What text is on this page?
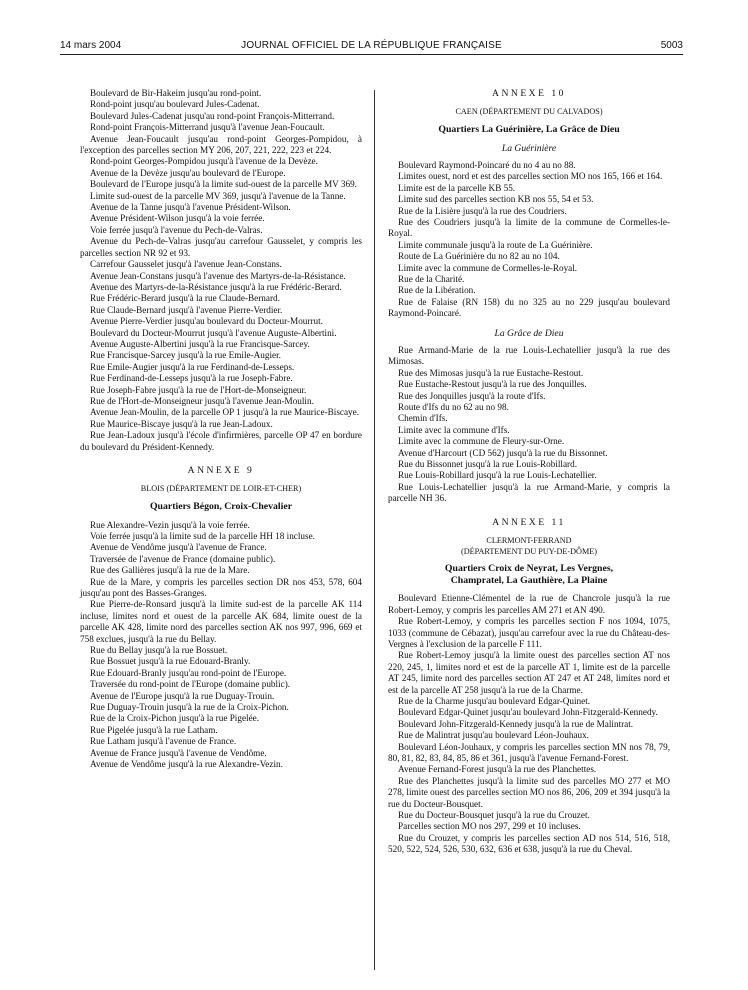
14 mars 2004	JOURNAL OFFICIEL DE LA RÉPUBLIQUE FRANÇAISE	5003

Boulevard de Bir-Hakeim jusqu'au rond-point.

Rond-point jusqu'au boulevard Jules-Cadenat.

Boulevard Jules-Cadenat jusqu'au rond-point François-Mitterrand.

Rond-point François-Mitterrand jusqu'à l'avenue Jean-Foucault.

Avenue Jean-Foucault jusqu'au rond-point Georges-Pompidou, à l'exception des parcelles section MY 206, 207, 221, 222, 223 et 224.

Rond-point Georges-Pompidou jusqu'à l'avenue de la Devèze.

Avenue de la Devèze jusqu'au boulevard de l'Europe.

Boulevard de l'Europe jusqu'à la limite sud-ouest de la parcelle MV 369.

Limite sud-ouest de la parcelle MV 369, jusqu'à l'avenue de la Tanne.

Avenue de la Tanne jusqu'à l'avenue Président-Wilson.

Avenue Président-Wilson jusqu'à la voie ferrée.

Voie ferrée jusqu'à l'avenue du Pech-de-Valras.

Avenue du Pech-de-Valras jusqu'au carrefour Gausselet, y compris les parcelles section NR 92 et 93.

Carrefour Gausselet jusqu'à l'avenue Jean-Constans.

Avenue Jean-Constans jusqu'à l'avenue des Martyrs-de-la-Résistance.

Avenue des Martyrs-de-la-Résistance jusqu'à la rue Frédéric-Berard.

Rue Frédéric-Berard jusqu'à la rue Claude-Bernard.

Rue Claude-Bernard jusqu'à l'avenue Pierre-Verdier.

Avenue Pierre-Verdier jusqu'au boulevard du Docteur-Mourrut.

Boulevard du Docteur-Mourrut jusqu'à l'avenue Auguste-Albertini.

Avenue Auguste-Albertini jusqu'à la rue Francisque-Sarcey.

Rue Francisque-Sarcey jusqu'à la rue Emile-Augier.

Rue Emile-Augier jusqu'à la rue Ferdinand-de-Lesseps.

Rue Ferdinand-de-Lesseps jusqu'à la rue Joseph-Fabre.

Rue Joseph-Fabre jusqu'à la rue de l'Hort-de-Monseigneur.

Rue de l'Hort-de-Monseigneur jusqu'à l'avenue Jean-Moulin.

Avenue Jean-Moulin, de la parcelle OP 1 jusqu'à la rue Maurice-Biscaye.

Rue Maurice-Biscaye jusqu'à la rue Jean-Ladoux.

Rue Jean-Ladoux jusqu'à l'école d'infirmières, parcelle OP 47 en bordure du boulevard du Président-Kennedy.

ANNEXE 9
BLOIS (DÉPARTEMENT DE LOIR-ET-CHER)
Quartiers Bégon, Croix-Chevalier

Rue Alexandre-Vezin jusqu'à la voie ferrée.

Voie ferrée jusqu'à la limite sud de la parcelle HH 18 incluse.

Avenue de Vendôme jusqu'à l'avenue de France.

Traversée de l'avenue de France (domaine public).

Rue des Gallières jusqu'à la rue de la Mare.

Rue de la Mare, y compris les parcelles section DR nos 453, 578, 604 jusqu'au pont des Basses-Granges.

Rue Pierre-de-Ronsard jusqu'à la limite sud-est de la parcelle AK 114 incluse, limites nord et ouest de la parcelle AK 684, limite ouest de la parcelle AK 428, limite nord des parcelles section AK nos 997, 996, 669 et 758 exclues, jusqu'à la rue du Bellay.

Rue du Bellay jusqu'à la rue Bossuet.

Rue Bossuet jusqu'à la rue Edouard-Branly.

Rue Edouard-Branly jusqu'au rond-point de l'Europe.

Traversée du rond-point de l'Europe (domaine public).

Avenue de l'Europe jusqu'à la rue Duguay-Trouin.

Rue Duguay-Trouin jusqu'à la rue de la Croix-Pichon.

Rue de la Croix-Pichon jusqu'à la rue Pigelée.

Rue Pigelée jusqu'à la rue Latham.

Rue Latham jusqu'à l'avenue de France.

Avenue de France jusqu'à l'avenue de Vendôme.

Avenue de Vendôme jusqu'à la rue Alexandre-Vezin.

ANNEXE 10
CAEN (DÉPARTEMENT DU CALVADOS)
Quartiers La Guérinière, La Grâce de Dieu
La Guérinière

Boulevard Raymond-Poincaré du no 4 au no 88.

Limites ouest, nord et est des parcelles section MO nos 165, 166 et 164.

Limite est de la parcelle KB 55.

Limite sud des parcelles section KB nos 55, 54 et 53.

Rue de la Lisière jusqu'à la rue des Coudriers.

Rue des Coudriers jusqu'à la limite de la commune de Cormelles-le-Royal.

Limite communale jusqu'à la route de La Guérinière.

Route de La Guérinière du no 82 au no 104.

Limite avec la commune de Cormelles-le-Royal.

Rue de la Charité.

Rue de la Libération.

Rue de Falaise (RN 158) du no 325 au no 229 jusqu'au boulevard Raymond-Poincaré.

La Grâce de Dieu

Rue Armand-Marie de la rue Louis-Lechatellier jusqu'à la rue des Mimosas.

Rue des Mimosas jusqu'à la rue Eustache-Restout.

Rue Eustache-Restout jusqu'à la rue des Jonquilles.

Rue des Jonquilles jusqu'à la route d'Ifs.

Route d'Ifs du no 62 au no 98.

Chemin d'Ifs.

Limite avec la commune d'Ifs.

Limite avec la commune de Fleury-sur-Orne.

Avenue d'Harcourt (CD 562) jusqu'à la rue du Bissonnet.

Rue du Bissonnet jusqu'à la rue Louis-Robillard.

Rue Louis-Robillard jusqu'à la rue Louis-Lechatellier.

Rue Louis-Lechatellier jusqu'à la rue Armand-Marie, y compris la parcelle NH 36.

ANNEXE 11
CLERMONT-FERRAND
(DÉPARTEMENT DU PUY-DE-DÔME)
Quartiers Croix de Neyrat, Les Vergnes,
Champratel, La Gauthière, La Plaine

Boulevard Etienne-Clémentel de la rue de Chancrole jusqu'à la rue Robert-Lemoy, y compris les parcelles AM 271 et AN 490.

Rue Robert-Lemoy, y compris les parcelles section F nos 1094, 1075, 1033 (commune de Cébazat), jusqu'au carrefour avec la rue du Château-des-Vergnes à l'exclusion de la parcelle F 111.

Rue Robert-Lemoy jusqu'à la limite ouest des parcelles section AT nos 220, 245, 1, limites nord et est de la parcelle AT 1, limite est de la parcelle AT 245, limite nord des parcelles section AT 247 et AT 248, limites nord et est de la parcelle AT 258 jusqu'à la rue de la Charme.

Rue de la Charme jusqu'au boulevard Edgar-Quinet.

Boulevard Edgar-Quinet jusqu'au boulevard John-Fitzgerald-Kennedy.

Boulevard John-Fitzgerald-Kennedy jusqu'à la rue de Malintrat.

Rue de Malintrat jusqu'au boulevard Léon-Jouhaux.

Boulevard Léon-Jouhaux, y compris les parcelles section MN nos 78, 79, 80, 81, 82, 83, 84, 85, 86 et 361, jusqu'à l'avenue Fernand-Forest.

Avenue Fernand-Forest jusqu'à la rue des Planchettes.

Rue des Planchettes jusqu'à la limite sud des parcelles MO 277 et MO 278, limite ouest des parcelles section MO nos 86, 206, 209 et 394 jusqu'à la rue du Docteur-Bousquet.

Rue du Docteur-Bousquet jusqu'à la rue du Crouzet.

Parcelles section MO nos 297, 299 et 10 incluses.

Rue du Crouzet, y compris les parcelles section AD nos 514, 516, 518, 520, 522, 524, 526, 530, 632, 636 et 638, jusqu'à la rue du Cheval.
